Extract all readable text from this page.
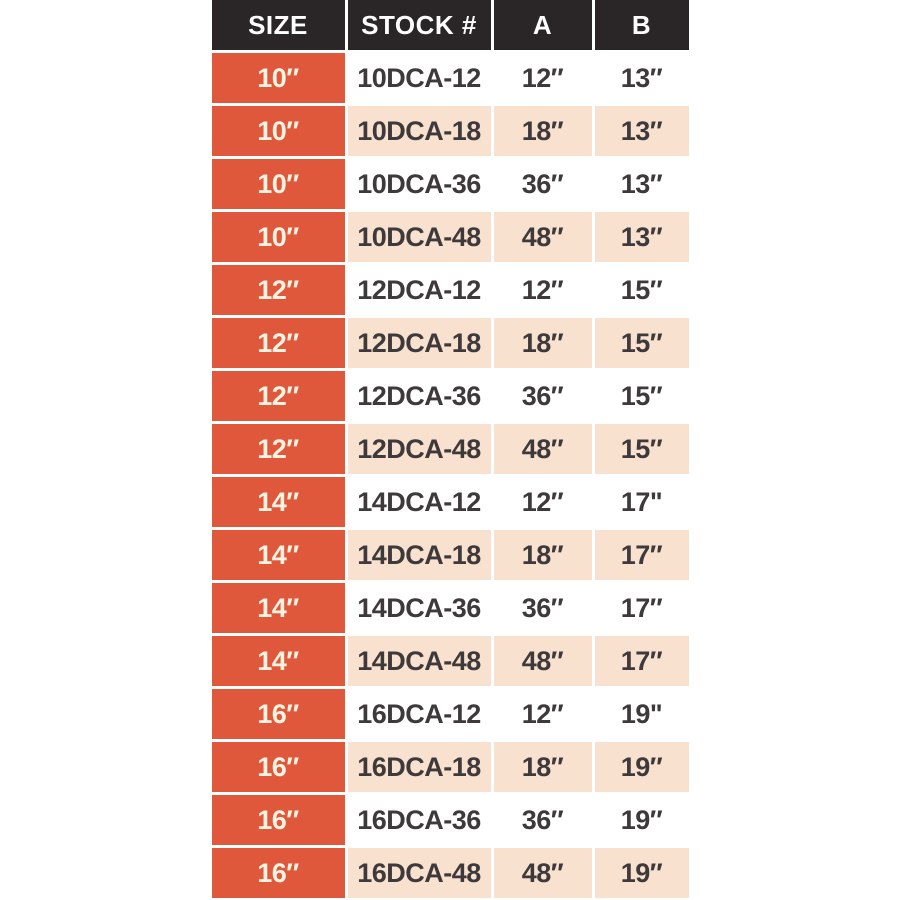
SIZE	STOCK #	A	B
10″	10DCA-12	12″	13″
10″	10DCA-18	18″	13″
10″	10DCA-36	36″	13″
10″	10DCA-48	48″	13″
12″	12DCA-12	12″	15″
12″	12DCA-18	18″	15″
12″	12DCA-36	36″	15″
12″	12DCA-48	48″	15″
14″	14DCA-12	12″	17"
14″	14DCA-18	18″	17″
14″	14DCA-36	36″	17″
14″	14DCA-48	48″	17″
16″	16DCA-12	12″	19"
16″	16DCA-18	18″	19″
16″	16DCA-36	36″	19″
16″	16DCA-48	48″	19″
